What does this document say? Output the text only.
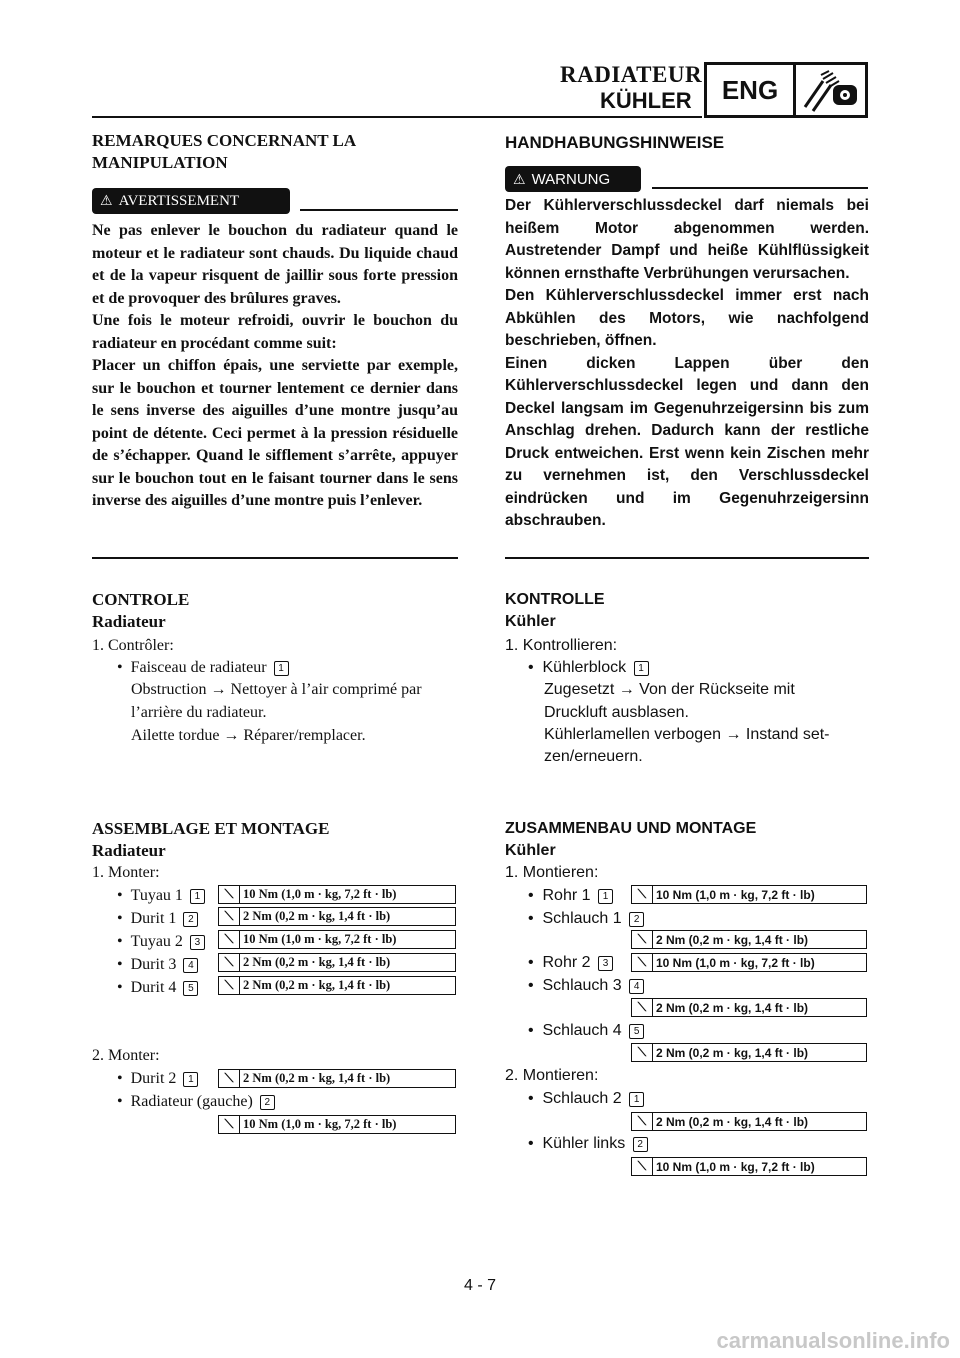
RADIATEUR
KÜHLER	ENG
REMARQUES CONCERNANT LA MANIPULATION
⚠ AVERTISSEMENT

Ne pas enlever le bouchon du radiateur quand le moteur et le radiateur sont chauds. Du liquide chaud et de la vapeur risquent de jaillir sous forte pression et de provoquer des brûlures graves.

Une fois le moteur refroidi, ouvrir le bouchon du radiateur en procédant comme suit:

Placer un chiffon épais, une serviette par exemple, sur le bouchon et tourner lentement ce dernier dans le sens inverse des aiguilles d’une montre jusqu’au point de détente. Ceci permet à la pression résiduelle de s’échapper. Quand le sifflement s’arrête, appuyer sur le bouchon tout en le faisant tourner dans le sens inverse des aiguilles d’une montre puis l’enlever.

CONTROLE
Radiateur
1. Contrôler:
•  Faisceau de radiateur 1
Obstruction → Nettoyer à l’air comprimé par
l’arrière du radiateur.
Ailette tordue → Réparer/remplacer.
ASSEMBLAGE ET MONTAGE
Radiateur
1. Monter:
•  Tuyau 1 1	⟍ 10 Nm (1,0 m · kg, 7,2 ft · lb)
•  Durit 1 2	⟍ 2 Nm (0,2 m · kg, 1,4 ft · lb)
•  Tuyau 2 3	⟍ 10 Nm (1,0 m · kg, 7,2 ft · lb)
•  Durit 3 4	⟍ 2 Nm (0,2 m · kg, 1,4 ft · lb)
•  Durit 4 5	⟍ 2 Nm (0,2 m · kg, 1,4 ft · lb)
2. Monter:
•  Durit 2 1	⟍ 2 Nm (0,2 m · kg, 1,4 ft · lb)
•  Radiateur (gauche) 2
⟍ 10 Nm (1,0 m · kg, 7,2 ft · lb)
HANDHABUNGSHINWEISE
⚠ WARNUNG

Der Kühlerverschlussdeckel darf niemals bei heißem Motor abgenommen werden. Austretender Dampf und heiße Kühlflüssigkeit können ernsthafte Verbrühungen verursachen.

Den Kühlerverschlussdeckel immer erst nach Abkühlen des Motors, wie nachfolgend beschrieben, öffnen.

Einen dicken Lappen über den Kühlerverschlussdeckel legen und dann den Deckel langsam im Gegenuhrzeigersinn bis zum Anschlag drehen. Dadurch kann der restliche Druck entweichen. Erst wenn kein Zischen mehr zu vernehmen ist, den Verschlussdeckel eindrücken und im Gegenuhrzeigersinn abschrauben.

KONTROLLE
Kühler
1. Kontrollieren:
•  Kühlerblock 1
Zugesetzt → Von der Rückseite mit
Druckluft ausblasen.
Kühlerlamellen verbogen → Instand set-
zen/erneuern.
ZUSAMMENBAU UND MONTAGE
Kühler
1. Montieren:
•  Rohr 1 1	⟍ 10 Nm (1,0 m · kg, 7,2 ft · lb)
•  Schlauch 1 2
⟍ 2 Nm (0,2 m · kg, 1,4 ft · lb)
•  Rohr 2 3	⟍ 10 Nm (1,0 m · kg, 7,2 ft · lb)
•  Schlauch 3 4
⟍ 2 Nm (0,2 m · kg, 1,4 ft · lb)
•  Schlauch 4 5
⟍ 2 Nm (0,2 m · kg, 1,4 ft · lb)
2. Montieren:
•  Schlauch 2 1
⟍ 2 Nm (0,2 m · kg, 1,4 ft · lb)
•  Kühler links 2
⟍ 10 Nm (1,0 m · kg, 7,2 ft · lb)
4 - 7
carmanualsonline.info
